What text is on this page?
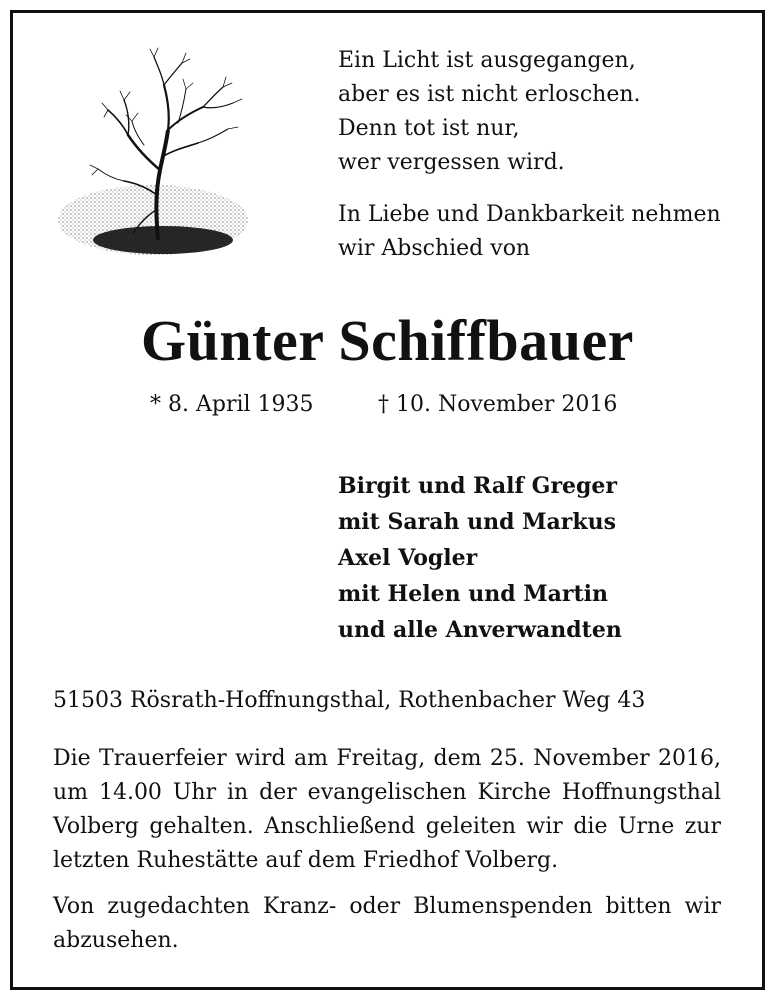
Ein Licht ist ausgegangen,
aber es ist nicht erloschen.
Denn tot ist nur,
wer vergessen wird.
In Liebe und Dankbarkeit nehmen
wir Abschied von
Günter Schiffbauer
* 8. April 1935	† 10. November 2016
Birgit und Ralf Greger
mit Sarah und Markus
Axel Vogler
mit Helen und Martin
und alle Anverwandten
51503 Rösrath-Hoffnungsthal, Rothenbacher Weg 43
Die Trauerfeier wird am Freitag, dem 25. November 2016,
um 14.00 Uhr in der evangelischen Kirche Hoffnungsthal
Volberg gehalten. Anschließend geleiten wir die Urne zur
letzten Ruhestätte auf dem Friedhof Volberg.
Von zugedachten Kranz- oder Blumenspenden bitten wir
abzusehen.
